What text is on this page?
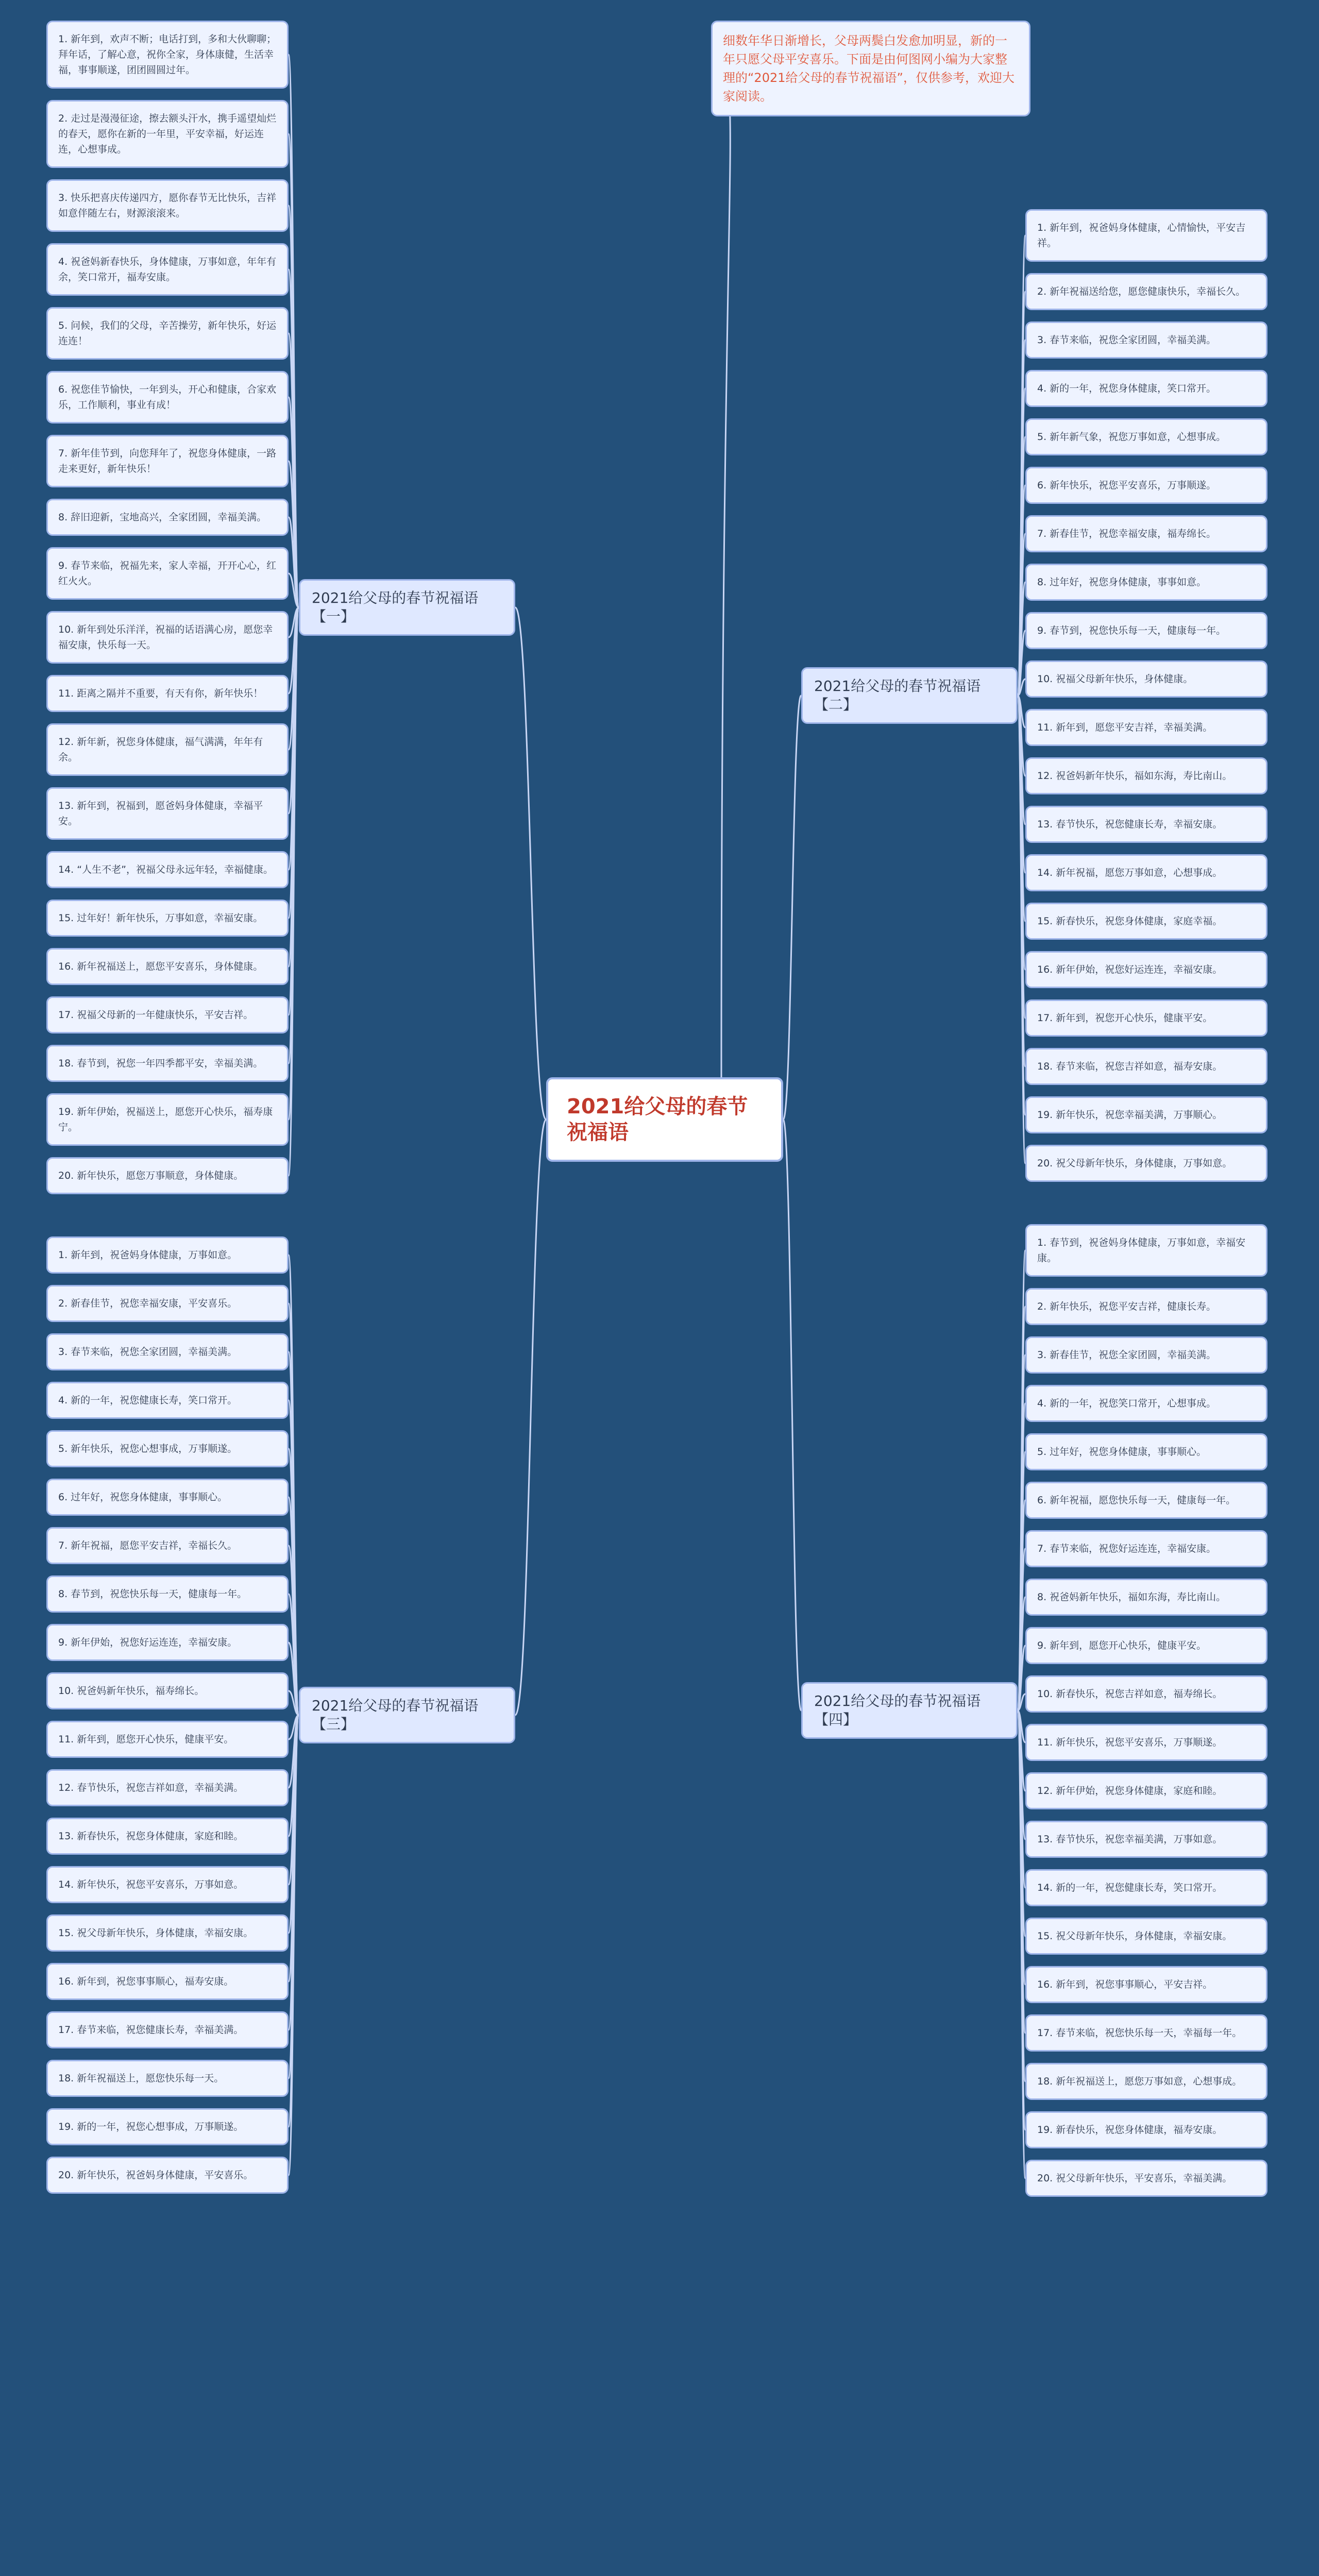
2021给父母的春节祝福语【一】
1. 新年到，欢声不断；电话打到，多和大伙聊聊；拜年话，了解心意，祝你全家，身体康健，生活幸福，事事顺遂，团团圆圆过年。
2. 走过是漫漫征途，擦去额头汗水，携手遥望灿烂的春天，愿你在新的一年里，平安幸福，好运连连，心想事成。
3. 快乐把喜庆传递四方，愿你春节无比快乐，吉祥如意伴随左右，财源滚滚来。
4. 祝爸妈新春快乐，身体健康，万事如意，年年有余，笑口常开，福寿安康。
5. 问候，我们的父母，辛苦操劳，新年快乐，好运连连！
6. 祝您佳节愉快，一年到头，开心和健康，合家欢乐，工作顺利，事业有成！
7. 新年佳节到，向您拜年了，祝您身体健康，一路走来更好，新年快乐！
8. 辞旧迎新，宝地高兴，全家团圆，幸福美满。
9. 春节来临，祝福先来，家人幸福，开开心心，红红火火。
10. 新年到处乐洋洋，祝福的话语满心房，愿您幸福安康，快乐每一天。
11. 距离之隔并不重要，有天有你，新年快乐！
12. 新年新，祝您身体健康，福气满满，年年有余。
13. 新年到，祝福到，愿爸妈身体健康，幸福平安。
14. “人生不老”，祝福父母永远年轻，幸福健康。
15. 过年好！新年快乐，万事如意，幸福安康。
16. 新年祝福送上，愿您平安喜乐，身体健康。
17. 祝福父母新的一年健康快乐，平安吉祥。
18. 春节到，祝您一年四季都平安，幸福美满。
19. 新年伊始，祝福送上，愿您开心快乐，福寿康宁。
20. 新年快乐，愿您万事顺意，身体健康。
2021给父母的春节祝福语【二】
1. 新年到，祝爸妈身体健康，心情愉快，平安吉祥。
2. 新年祝福送给您，愿您健康快乐，幸福长久。
3. 春节来临，祝您全家团圆，幸福美满。
4. 新的一年，祝您身体健康，笑口常开。
5. 新年新气象，祝您万事如意，心想事成。
6. 新年快乐，祝您平安喜乐，万事顺遂。
7. 新春佳节，祝您幸福安康，福寿绵长。
8. 过年好，祝您身体健康，事事如意。
9. 春节到，祝您快乐每一天，健康每一年。
10. 祝福父母新年快乐，身体健康。
11. 新年到，愿您平安吉祥，幸福美满。
12. 祝爸妈新年快乐，福如东海，寿比南山。
13. 春节快乐，祝您健康长寿，幸福安康。
14. 新年祝福，愿您万事如意，心想事成。
15. 新春快乐，祝您身体健康，家庭幸福。
16. 新年伊始，祝您好运连连，幸福安康。
17. 新年到，祝您开心快乐，健康平安。
18. 春节来临，祝您吉祥如意，福寿安康。
19. 新年快乐，祝您幸福美满，万事顺心。
20. 祝父母新年快乐，身体健康，万事如意。
2021给父母的春节祝福语【三】
1. 新年到，祝爸妈身体健康，万事如意。
2. 新春佳节，祝您幸福安康，平安喜乐。
3. 春节来临，祝您全家团圆，幸福美满。
4. 新的一年，祝您健康长寿，笑口常开。
5. 新年快乐，祝您心想事成，万事顺遂。
6. 过年好，祝您身体健康，事事顺心。
7. 新年祝福，愿您平安吉祥，幸福长久。
8. 春节到，祝您快乐每一天，健康每一年。
9. 新年伊始，祝您好运连连，幸福安康。
10. 祝爸妈新年快乐，福寿绵长。
11. 新年到，愿您开心快乐，健康平安。
12. 春节快乐，祝您吉祥如意，幸福美满。
13. 新春快乐，祝您身体健康，家庭和睦。
14. 新年快乐，祝您平安喜乐，万事如意。
15. 祝父母新年快乐，身体健康，幸福安康。
16. 新年到，祝您事事顺心，福寿安康。
17. 春节来临，祝您健康长寿，幸福美满。
18. 新年祝福送上，愿您快乐每一天。
19. 新的一年，祝您心想事成，万事顺遂。
20. 新年快乐，祝爸妈身体健康，平安喜乐。
2021给父母的春节祝福语【四】
1. 春节到，祝爸妈身体健康，万事如意，幸福安康。
2. 新年快乐，祝您平安吉祥，健康长寿。
3. 新春佳节，祝您全家团圆，幸福美满。
4. 新的一年，祝您笑口常开，心想事成。
5. 过年好，祝您身体健康，事事顺心。
6. 新年祝福，愿您快乐每一天，健康每一年。
7. 春节来临，祝您好运连连，幸福安康。
8. 祝爸妈新年快乐，福如东海，寿比南山。
9. 新年到，愿您开心快乐，健康平安。
10. 新春快乐，祝您吉祥如意，福寿绵长。
11. 新年快乐，祝您平安喜乐，万事顺遂。
12. 新年伊始，祝您身体健康，家庭和睦。
13. 春节快乐，祝您幸福美满，万事如意。
14. 新的一年，祝您健康长寿，笑口常开。
15. 祝父母新年快乐，身体健康，幸福安康。
16. 新年到，祝您事事顺心，平安吉祥。
17. 春节来临，祝您快乐每一天，幸福每一年。
18. 新年祝福送上，愿您万事如意，心想事成。
19. 新春快乐，祝您身体健康，福寿安康。
20. 祝父母新年快乐，平安喜乐，幸福美满。
2021给父母的春节祝福语
细数年华日渐增长，父母两鬓白发愈加明显，新的一年只愿父母平安喜乐。下面是由何图网小编为大家整理的“2021给父母的春节祝福语”，仅供参考，欢迎大家阅读。
